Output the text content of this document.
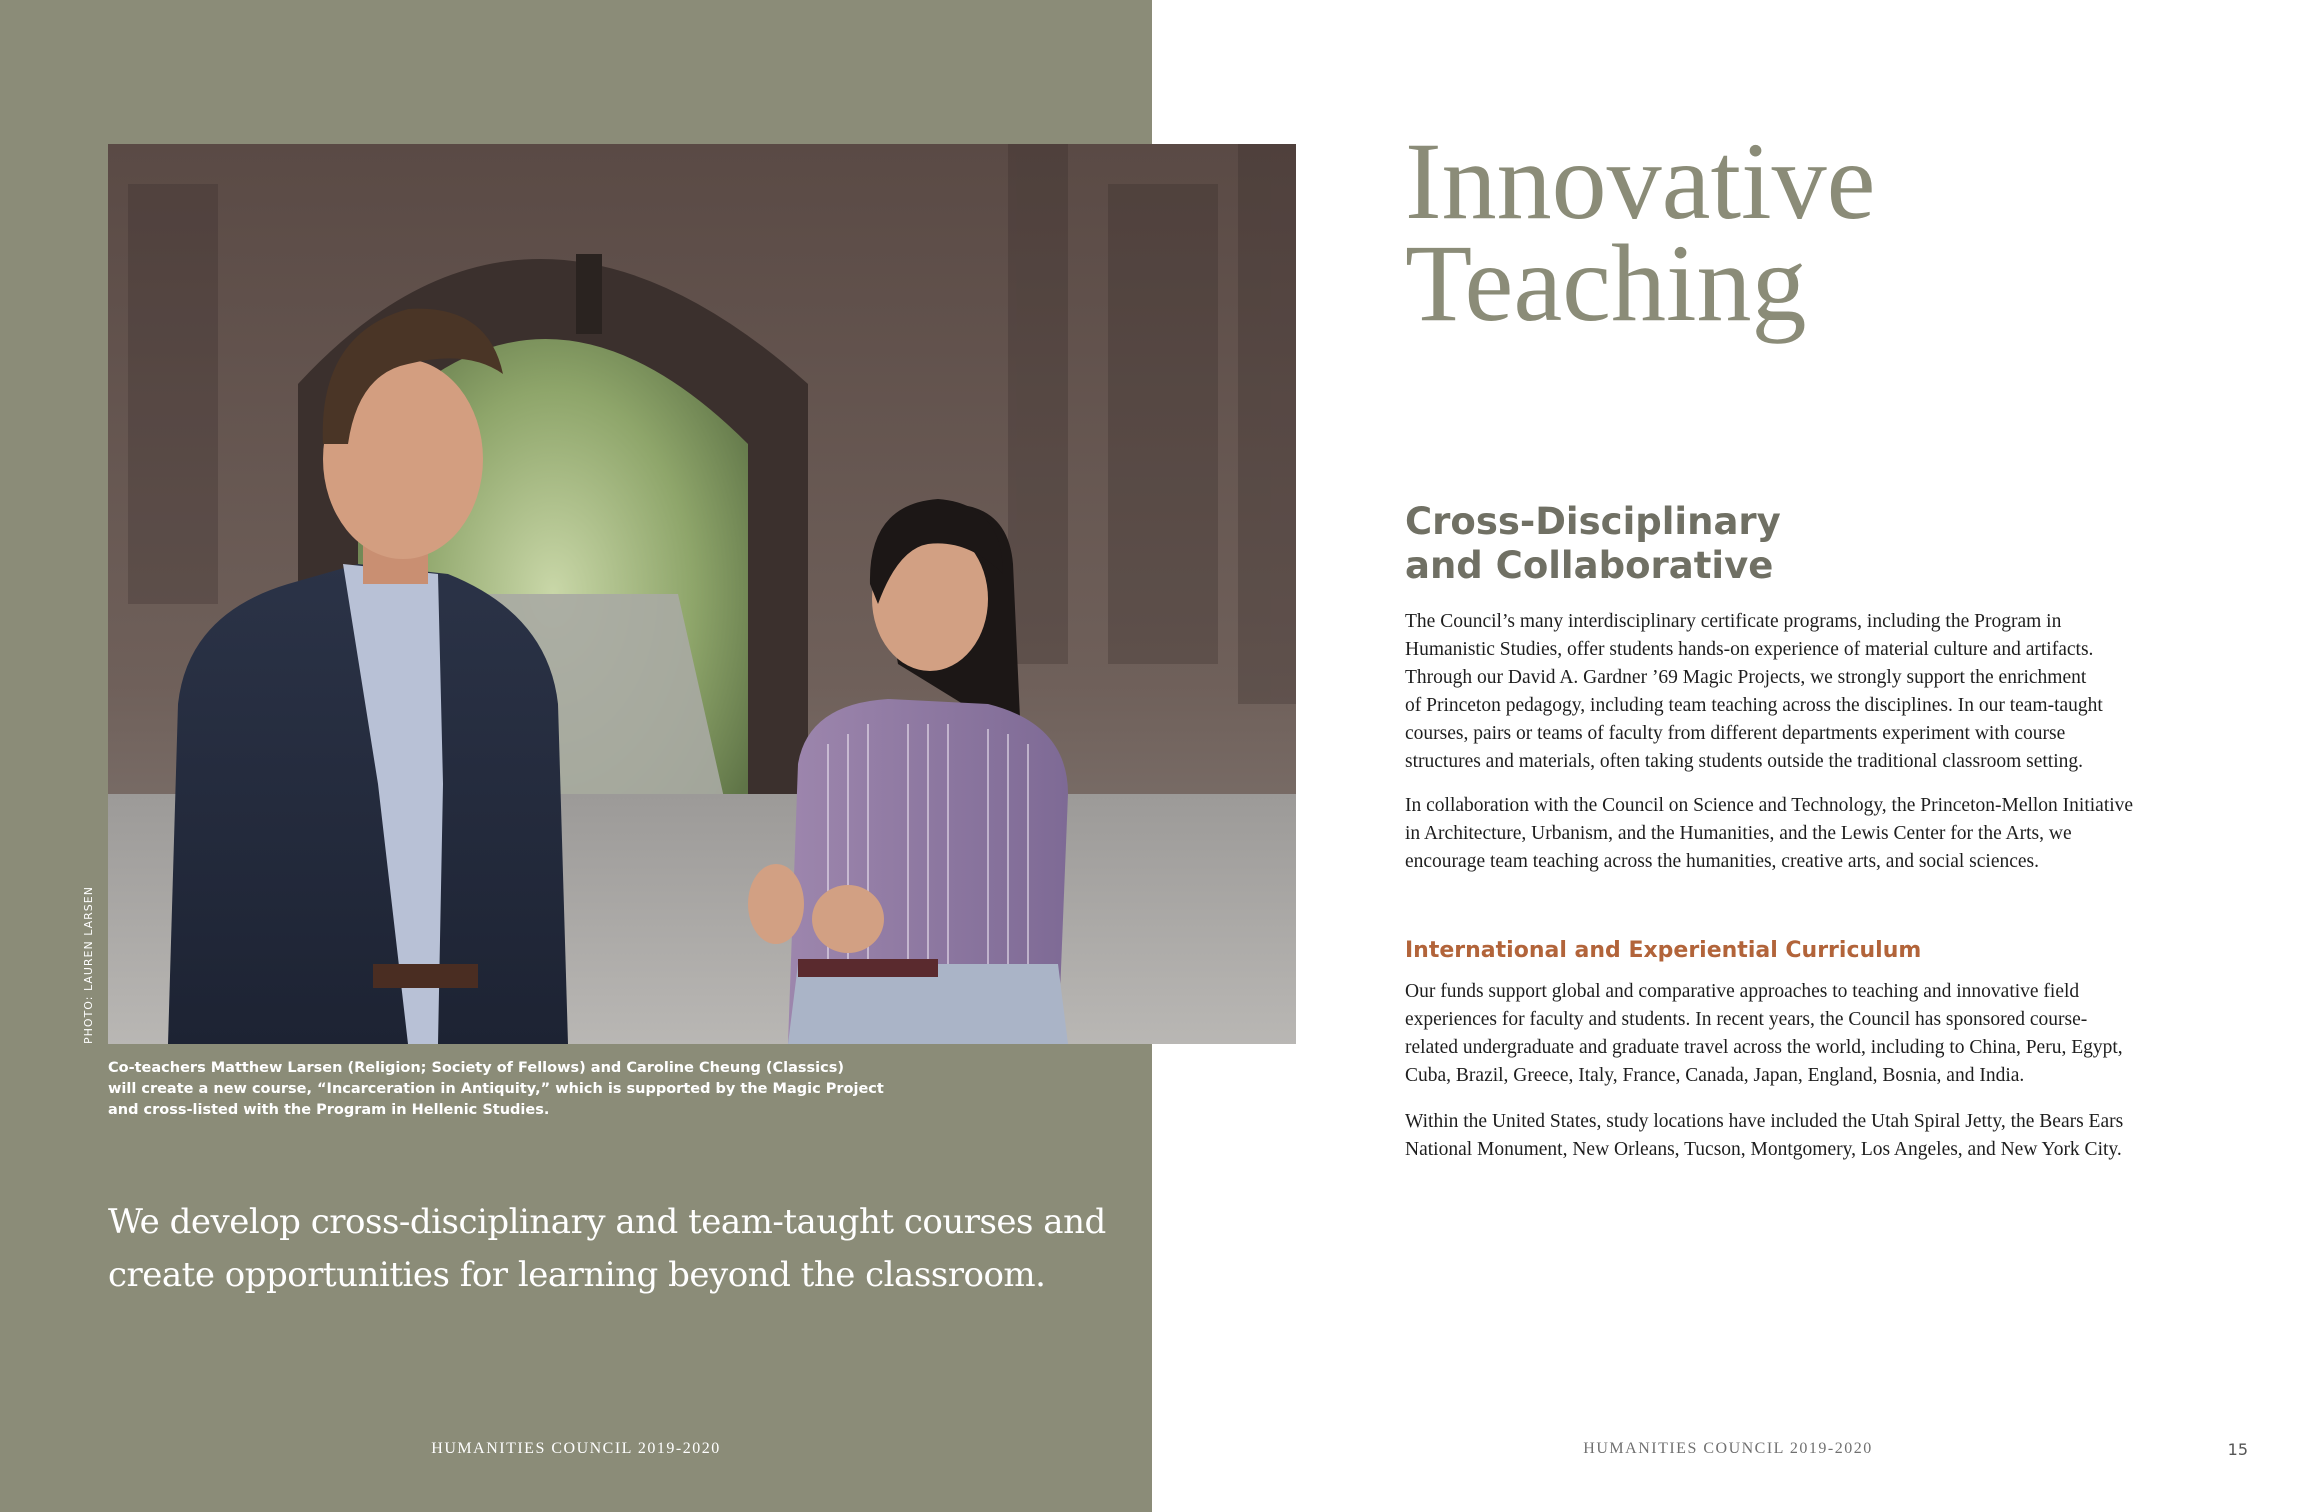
PHOTO: LAUREN LARSEN
Co-teachers Matthew Larsen (Religion; Society of Fellows) and Caroline Cheung (Classics)
will create a new course, “Incarceration in Antiquity,” which is supported by the Magic Project
and cross-listed with the Program in Hellenic Studies.
We develop cross-disciplinary and team-taught courses and
create opportunities for learning beyond the classroom.
HUMANITIES COUNCIL 2019-2020
Innovative
Teaching
Cross-Disciplinary
and Collaborative
The Council’s many interdisciplinary certificate programs, including the Program in
Humanistic Studies, offer students hands-on experience of material culture and artifacts.
Through our David A. Gardner ’69 Magic Projects, we strongly support the enrichment
of Princeton pedagogy, including team teaching across the disciplines. In our team-taught
courses, pairs or teams of faculty from different departments experiment with course
structures and materials, often taking students outside the traditional classroom setting.
In collaboration with the Council on Science and Technology, the Princeton-Mellon Initiative
in Architecture, Urbanism, and the Humanities, and the Lewis Center for the Arts, we
encourage team teaching across the humanities, creative arts, and social sciences.
International and Experiential Curriculum
Our funds support global and comparative approaches to teaching and innovative field
experiences for faculty and students. In recent years, the Council has sponsored course-
related undergraduate and graduate travel across the world, including to China, Peru, Egypt,
Cuba, Brazil, Greece, Italy, France, Canada, Japan, England, Bosnia, and India.
Within the United States, study locations have included the Utah Spiral Jetty, the Bears Ears
National Monument, New Orleans, Tucson, Montgomery, Los Angeles, and New York City.
HUMANITIES COUNCIL 2019-2020	15
